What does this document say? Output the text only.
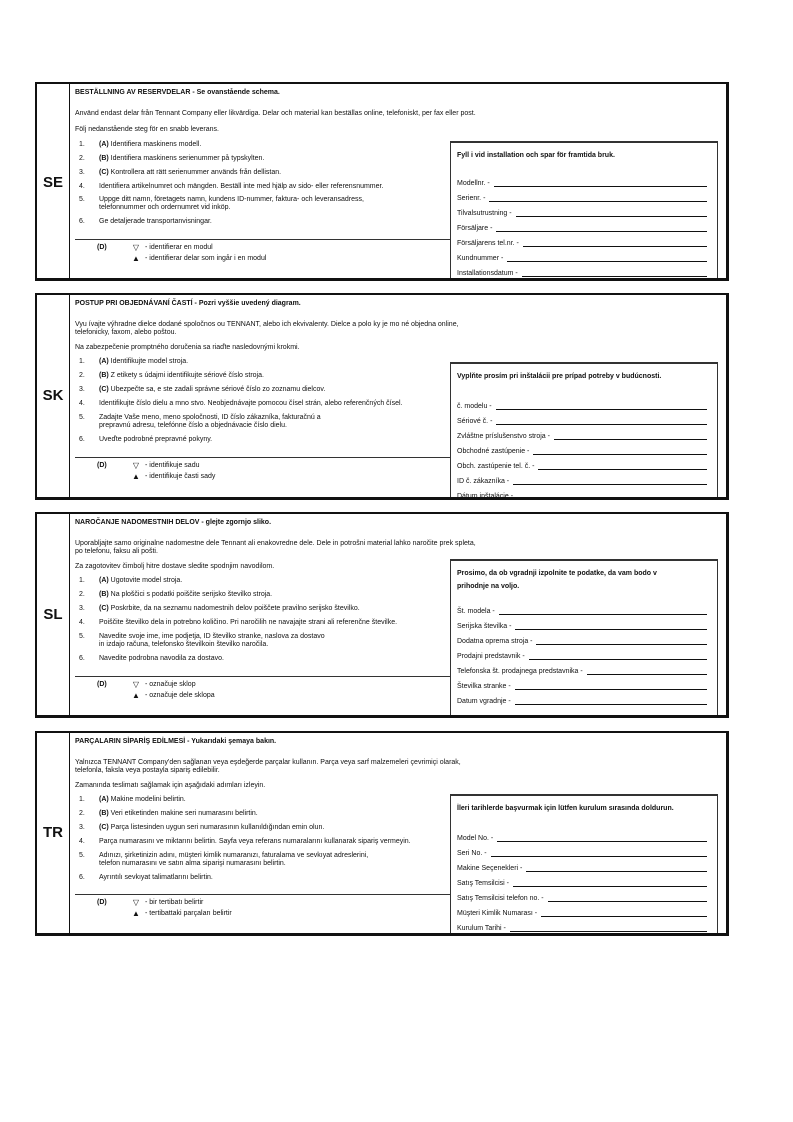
SE
BESTÄLLNING AV RESERVDELAR - Se ovanstående schema.
Använd endast delar från Tennant Company eller likvärdiga. Delar och material kan beställas online, telefoniskt, per fax eller post.
Följ nedanstående steg för en snabb leverans.
1.	(A) Identifiera maskinens modell.
2.	(B) Identifiera maskinens serienummer på typskylten.
3.	(C) Kontrollera att rätt serienummer används från dellistan.
4.	Identifiera artikelnumret och mängden. Beställ inte med hjälp av sido- eller referensnummer.
5.	Uppge ditt namn, företagets namn, kundens ID-nummer, faktura- och leveransadress,
telefonnummer och ordernumret vid inköp.
6.	Ge detaljerade transportanvisningar.
(D)	▽ - identifierar en modul
▲ - identifierar delar som ingår i en modul
Fyll i vid installation och spar för framtida bruk.
Modellnr. -
Serienr. -
Tilvalsutrustning -
Försäljare -
Försäljarens tel.nr. -
Kundnummer -
Installationsdatum -
SK
POSTUP PRI OBJEDNÁVANÍ ČASTÍ - Pozri vyššie uvedený diagram.
Vyu ívajte výhradne dielce dodané spoločnos ou TENNANT, alebo ich ekvivalenty. Dielce a polo ky je mo né objedna online,
telefonicky, faxom, alebo poštou.
Na zabezpečenie promptného doručenia sa riaďte nasledovnými krokmi.
1.	(A) Identifikujte model stroja.
2.	(B) Z etikety s údajmi identifikujte sériové číslo stroja.
3.	(C) Ubezpečte sa, e ste zadali správne sériové číslo zo zoznamu dielcov.
4.	Identifikujte číslo dielu a mno stvo. Neobjednávajte pomocou čísel strán, alebo referenčných čísel.
5.	Zadajte Vaše meno, meno spoločnosti, ID číslo zákazníka, fakturačnú a
prepravnú adresu, telefónne číslo a objednávacie číslo dielu.
6.	Uveďte podrobné prepravné pokyny.
(D)	▽ - identifikuje sadu
▲ - identifikuje časti sady
Vyplňte prosím pri inštalácii pre prípad potreby v budúcnosti.
č. modelu -
Sériové č. -
Zvláštne príslušenstvo stroja -
Obchodné zastúpenie -
Obch. zastúpenie tel. č. -
ID č. zákazníka -
Dátum inštalácie -
SL
NAROČANJE NADOMESTNIH DELOV - glejte zgornjo sliko.
Uporabljajte samo originalne nadomestne dele Tennant ali enakovredne dele. Dele in potrošni material lahko naročite prek spleta,
po telefonu, faksu ali pošti.
Za zagotovitev čimbolj hitre dostave sledite spodnjim navodilom.
1.	(A) Ugotovite model stroja.
2.	(B) Na ploščici s podatki poiščite serijsko številko stroja.
3.	(C) Poskrbite, da na seznamu nadomestnih delov poiščete pravilno serijsko številko.
4.	Poiščite številko dela in potrebno količino. Pri naročilih ne navajajte strani ali referenčne številke.
5.	Navedite svoje ime, ime podjetja, ID številko stranke, naslova za dostavo
in izdajo računa, telefonsko številkoin številko naročila.
6.	Navedite podrobna navodila za dostavo.
(D)	▽ - označuje sklop
▲ - označuje dele sklopa
Prosimo, da ob vgradnji izpolnite te podatke, da vam bodo v
prihodnje na voljo.
Št. modela -
Serijska številka -
Dodatna oprema stroja -
Prodajni predstavnik -
Telefonska št. prodajnega predstavnika -
Številka stranke -
Datum vgradnje -
TR
PARÇALARIN SİPARİŞ EDİLMESİ - Yukarıdaki şemaya bakın.
Yalnızca TENNANT Company'den sağlanan veya eşdeğerde parçalar kullanın. Parça veya sarf malzemeleri çevrimiçi olarak,
telefonla, faksla veya postayla sipariş edilebilir.
Zamanında teslimatı sağlamak için aşağıdaki adımları izleyin.
1.	(A) Makine modelini belirtin.
2.	(B) Veri etiketinden makine seri numarasını belirtin.
3.	(C) Parça listesinden uygun seri numarasının kullanıldığından emin olun.
4.	Parça numarasını ve miktarını belirtin. Sayfa veya referans numaralarını kullanarak sipariş vermeyin.
5.	Adınızı, şirketinizin adını, müşteri kimlik numaranızı, faturalama ve sevkıyat adreslerini,
telefon numarasını ve satın alma siparişi numarasını belirtin.
6.	Ayrıntılı sevkıyat talimatlarını belirtin.
(D)	▽ - bir tertibatı belirtir
▲ - tertibattaki parçaları belirtir
İleri tarihlerde başvurmak için lütfen kurulum sırasında doldurun.
Model No. -
Seri No. -
Makine Seçenekleri -
Satış Temsilcisi -
Satış Temsilcisi telefon no. -
Müşteri Kimlik Numarası -
Kurulum Tarihi -
